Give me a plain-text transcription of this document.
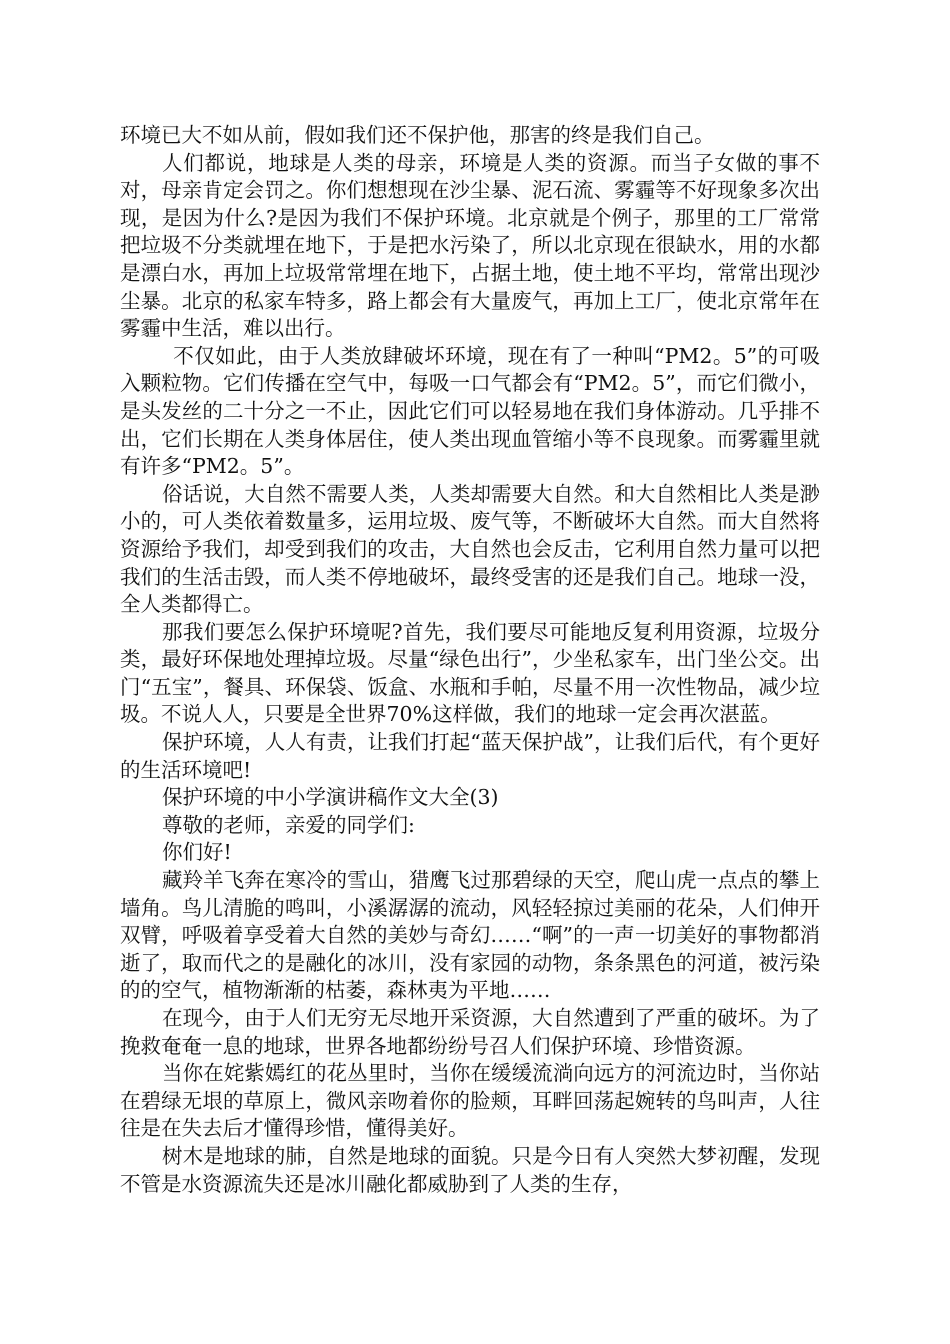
环境已大不如从前，假如我们还不保护他，那害的终是我们自己。

人们都说，地球是人类的母亲，环境是人类的资源。而当子女做的事不对，母亲肯定会罚之。你们想想现在沙尘暴、泥石流、雾霾等不好现象多次出现，是因为什么?是因为我们不保护环境。北京就是个例子，那里的工厂常常把垃圾不分类就埋在地下，于是把水污染了，所以北京现在很缺水，用的水都是漂白水，再加上垃圾常常埋在地下，占据土地，使土地不平均，常常出现沙尘暴。北京的私家车特多，路上都会有大量废气，再加上工厂，使北京常年在雾霾中生活，难以出行。

不仅如此，由于人类放肆破坏环境，现在有了一种叫“PM2。5”的可吸入颗粒物。它们传播在空气中，每吸一口气都会有“PM2。5”，而它们微小，是头发丝的二十分之一不止，因此它们可以轻易地在我们身体游动。几乎排不出，它们长期在人类身体居住，使人类出现血管缩小等不良现象。而雾霾里就有许多“PM2。5”。

俗话说，大自然不需要人类，人类却需要大自然。和大自然相比人类是渺小的，可人类依着数量多，运用垃圾、废气等，不断破坏大自然。而大自然将资源给予我们，却受到我们的攻击，大自然也会反击，它利用自然力量可以把我们的生活击毁，而人类不停地破坏，最终受害的还是我们自己。地球一没，全人类都得亡。

那我们要怎么保护环境呢?首先，我们要尽可能地反复利用资源，垃圾分类，最好环保地处理掉垃圾。尽量“绿色出行”，少坐私家车，出门坐公交。出门“五宝”，餐具、环保袋、饭盒、水瓶和手帕，尽量不用一次性物品，减少垃圾。不说人人，只要是全世界70%这样做，我们的地球一定会再次湛蓝。

保护环境，人人有责，让我们打起“蓝天保护战”，让我们后代，有个更好的生活环境吧!

保护环境的中小学演讲稿作文大全(3)

尊敬的老师，亲爱的同学们:

你们好!

藏羚羊飞奔在寒冷的雪山，猎鹰飞过那碧绿的天空，爬山虎一点点的攀上墙角。鸟儿清脆的鸣叫，小溪潺潺的流动，风轻轻掠过美丽的花朵，人们伸开双臂，呼吸着享受着大自然的美妙与奇幻……“啊”的一声一切美好的事物都消逝了，取而代之的是融化的冰川，没有家园的动物，条条黑色的河道，被污染的的空气，植物渐渐的枯萎，森林夷为平地……

在现今，由于人们无穷无尽地开采资源，大自然遭到了严重的破坏。为了挽救奄奄一息的地球，世界各地都纷纷号召人们保护环境、珍惜资源。

当你在姹紫嫣红的花丛里时，当你在缓缓流淌向远方的河流边时，当你站在碧绿无垠的草原上，微风亲吻着你的脸颊，耳畔回荡起婉转的鸟叫声，人往往是在失去后才懂得珍惜，懂得美好。

树木是地球的肺，自然是地球的面貌。只是今日有人突然大梦初醒，发现不管是水资源流失还是冰川融化都威胁到了人类的生存，
